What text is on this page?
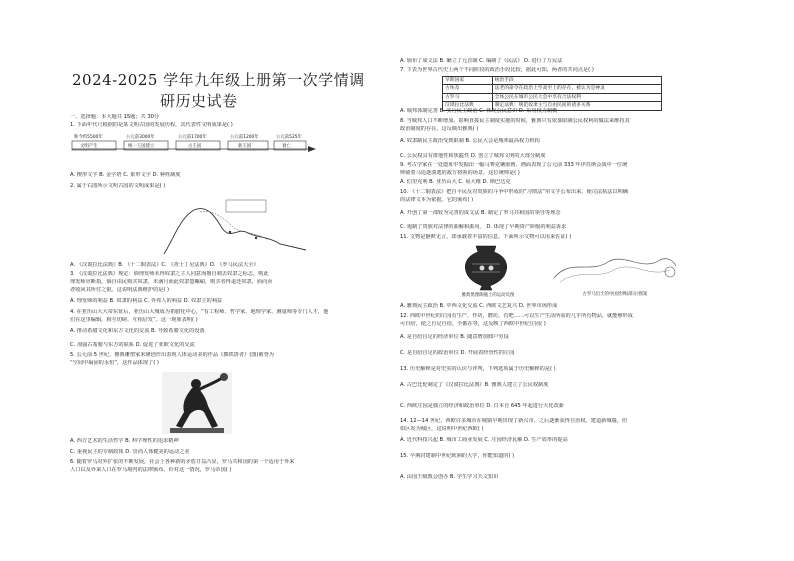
2024-2025 学年九年级上册第一次学情调
研历史试卷

一、选择题：本大题共 15题；共 30分

1. 下面年代尺根据的是某文明古国的发展历程，其代表性文明成果是( )

距今约5500年	公元前3000年	公元前1700年	公元前1200年	公元前525年
文明产生	统一王国建立	古王国	新王国	衰亡

A. 楔形文字 B. 金字塔 C. 象形文字 D. 种姓制度

2. 属于右图所示文明古国的文明成果是( )

A. 《汉谟拉比法典》B. 《十二铜表法》C. 《查士丁尼法典》D. 《罗马民法大全》

3. 《汉谟拉比法典》规定：倘理发师未得奴隶之主人同意而擅自剃去奴隶之标志，则此

理发师应断指。倘自由民购买奴隶，未满月而此奴隶患癫痫，则买者得退还奴隶，而向卖

者收回其所付之银。这说明法典维护的是( )

A. 理发师的利益 B. 奴隶的利益 C. 外邦人的利益 D. 奴隶主的利益

4. 在亚历山大大帝东征后，亚历山大城成为希腊化中心，“有工程师、哲学家、地理学家、测量师等专门人才，他

们在这里编辑，相互切磋，互相启发”。这一现象表明( )

A. 推动希腊文化和东方文化的交流 B. 导致希腊文化的没落

C. 加强古希腊与东方的联系 D. 促进了亚欧文化的交流

5. 公元前 5 世纪，雅典雕塑家米隆创作出表现人体运动美的作品《掷铁饼者》(图)被誉为

“空间中凝固的永恒”，这作品体现了( )

A. 西方艺术的生活哲学 B. 科学理性的追求精神

C. 重视民主的专制政体 D. 崇尚人体健美的运动之美

6. 随着罗马对外扩张的不断发展，社会上各种新的矛盾日益凸显，罗马共和国的第一个适用于外来

人口以及外来人口在罗马境内的法律颁布。针对这一情况，罗马帝国( )

A. 颁布了成文法 B. 确立了元首制 C. 编制了《民法》 D. 进行了万民法

7. 下表为世界古代史上两个不同阶段的政治手段比较，据此可知，两者的共同点是( )

早期国家	统治手段
古埃及	法老的命令在政治上至高至上的存在，被认为是神灵
古罗马	全体公民在城市公民大会中享有合法权利
汉谟拉比法典	制定法典：规范奴隶主与自由民间的诸多关系

A. 城邦体制完善 B. 实行民主政治 C. 体现公民意识 D. 采用权力制衡

8. 当城邦人口不断增加、影响直接民主制度实施的时候，雅典只有依靠限制公民权利的做法来维持其

政治制度的存在。这反映出雅典( )

A. 奴隶制民主政治受到限制 B. 公民大会是城邦最高权力机构

C. 公民权具有排他性和狭隘性 D. 创立了城邦文明的大部分制度

9. 考古学家在一处遗址中发掘出一幅马赛克镶嵌画，画面表现了公元前 333 年伊苏斯会战中一位统

帅骑着马追逐溃逃的敌方将领的场景，这位统帅是( )

A. 伯里克利 B. 亚历山大 C. 屋大维 D. 斯巴达克

10. 《十二铜表法》把自平民反对贵族的斗争中形成的“习惯法”用文字公布出来，使司法执法以明确

的法律文本为依据。它的颁布( )

A. 开创了第一部较为完善的成文法 B. 制定了罗马共和国的领导等理念

C. 遏制了贵族对法律的曲解和滥用。 D. 体现了早期资产阶级的利益诉求

11. 文物是静默无言，却承载着丰富的信息。下面所示文物可以用来佐证( )

雅典黑像陶瓶上的运动员图	古罗马出土的中国丝绸(部分)图案

A. 雅典民主政治 B. 中西文化交流 C. 西欧文艺复兴 D. 世界市场形成

12. 西欧中世纪的庄园有生产，作坊，磨坊，有吧……可以生产生活所需的几乎所有物品，就能够形成

可自给，使之自足自给。全都在等，这反映了西欧中世纪庄园( )

A. 是自给自足的经济单位 B. 随意增加佃户劳役

C. 是自给自足的政治单位 D. 开展着经营性的庄园

13. 历史解释是对史实的认识与评判，下列选项属于历史解释的是( )

A. 古巴比伦制定了《汉谟拉比法典》B. 雅典人建立了公民权制度

C. 西欧庄园是独立的经济和政治单位 D. 日本自 645 年起进行大化改新

14. 12—14 世纪，西欧许多城市在城镇早期出现了新兴市，之后逐渐获得自治权，建造新城墙，但

如区发为城区，这说明中世纪西欧( )

A. 近代科技兴起 B. 城市工商业发展 C. 庄园经济瓦解 D. 生产效率的提高

15. 早期封建制中世纪欧洲的大学，你能知道的( )

A. 由国王级教会创办 B. 学生学习天文知识
